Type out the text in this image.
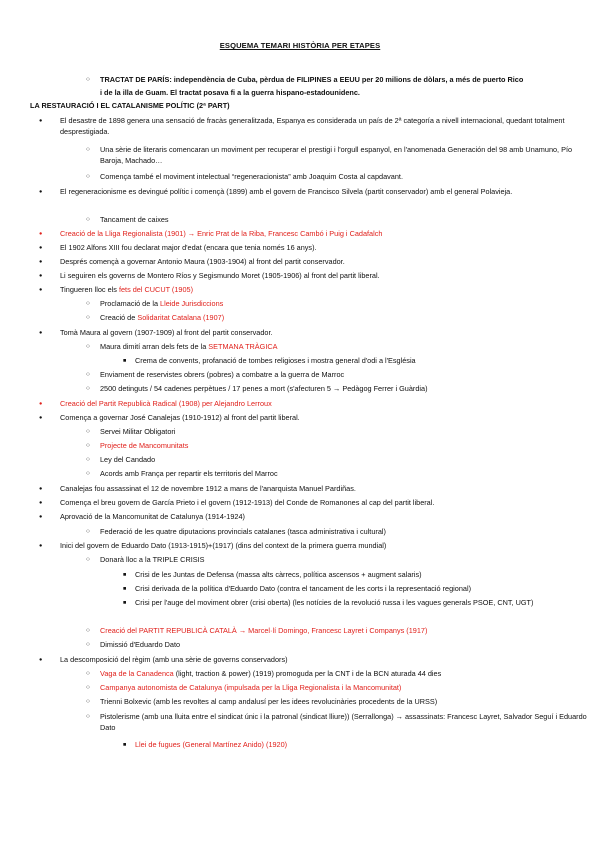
ESQUEMA TEMARI HISTÒRIA PER ETAPES
○ TRACTAT DE PARÍS: independència de Cuba, pèrdua de FILIPINES a EEUU per 20 milions de dòlars, a més de puerto Rico
i de la illa de Guam. El tractat posava fi a la guerra hispano-estadounidenc.
LA RESTAURACIÓ I EL CATALANISME POLÍTIC (2ª PART)
● El desastre de 1898 genera una sensació de fracàs generalitzada, Espanya es considerada un país de 2ª categoría a nivell internacional, quedant totalment desprestigiada.
○ Una sèrie de literaris comencaran un moviment per recuperar el prestigi i l'orgull espanyol, en l'anomenada Generación del 98 amb Unamuno, Pío Baroja, Machado…
○ Comença també el moviment intelectual “regeneracionista” amb Joaquim Costa al capdavant.
● El regeneracionisme es devingué polític i començà (1899) amb el govern de Francisco Silvela (partit conservador) amb el general Polavieja.
○ Tancament de caixes
● Creació de la Lliga Regionalista (1901) → Enric Prat de la Riba, Francesc Cambó i Puig i Cadafalch
● El 1902 Alfons XIII fou declarat major d'edat (encara que tenia només 16 anys).
● Després començà a governar Antonio Maura (1903-1904) al front del partit conservador.
● Li seguiren els governs de Montero Ríos y Segismundo Moret (1905-1906) al front del partit liberal.
● Tingueren lloc els fets del CUCUT (1905)
○ Proclamació de la Lleide Jurisdiccions
○ Creació de Solidaritat Catalana (1907)
● Tomà Maura al govern (1907-1909) al front del partit conservador.
○ Maura dimití arran dels fets de la SETMANA TRÀGICA
■ Crema de convents, profanació de tombes religioses i mostra general d'odi a l'Església
○ Enviament de reservistes obrers (pobres) a combatre a la guerra de Marroc
○ 2500 detinguts / 54 cadenes perpètues / 17 penes a mort (s'afecturen 5 → Pedàgog Ferrer i Guàrdia)
● Creació del Partit Republicà Radical (1908) per Alejandro Lerroux
● Comença a governar José Canalejas (1910-1912) al front del partit liberal.
○ Servei Militar Obligatori
○ Projecte de Mancomunitats
○ Ley del Candado
○ Acords amb França per repartir els territoris del Marroc
● Canalejas fou assassinat el 12 de novembre 1912 a mans de l'anarquista Manuel Pardiñas.
● Comença el breu govern de García Prieto i el govern (1912-1913) del Conde de Romanones al cap del partit liberal.
● Aprovació de la Mancomunitat de Catalunya (1914-1924)
○ Federació de les quatre diputacions provincials catalanes (tasca administrativa i cultural)
● Inici del govern de Eduardo Dato (1913-1915)+(1917) (dins del context de la primera guerra mundial)
○ Donarà lloc a la TRIPLE CRISIS
■ Crisi de les Juntas de Defensa (massa alts càrrecs, política ascensos + augment salaris)
■ Crisi derivada de la política d'Eduardo Dato (contra el tancament de les corts i la representació regional)
■ Crisi per l'auge del moviment obrer (crisi oberta) (les notícies de la revolució russa i les vagues generals PSOE, CNT, UGT)
○ Creació del PARTIT REPUBLICÀ CATALÀ → Marcel·lí Domingo, Francesc Layret i Companys (1917)
○ Dimissió d'Eduardo Dato
● La descomposició del règim (amb una sèrie de governs conservadors)
○ Vaga de la Canadenca (light, traction & power) (1919) promoguda per la CNT i de la BCN aturada 44 dies
○ Campanya autonomista de Catalunya (impulsada per la Lliga Regionalista i la Mancomunitat)
○ Trienni Bolxevic (amb les revoltes al camp andalusí per les idees revolucinàries procedents de la URSS)
○ Pistolerisme (amb una lluita entre el sindicat únic i la patronal (sindicat lliure)) (Serrallonga) → assassinats: Francesc Layret, Salvador Seguí i Eduardo Dato
■ Llei de fugues (General Martínez Anido) (1920)
